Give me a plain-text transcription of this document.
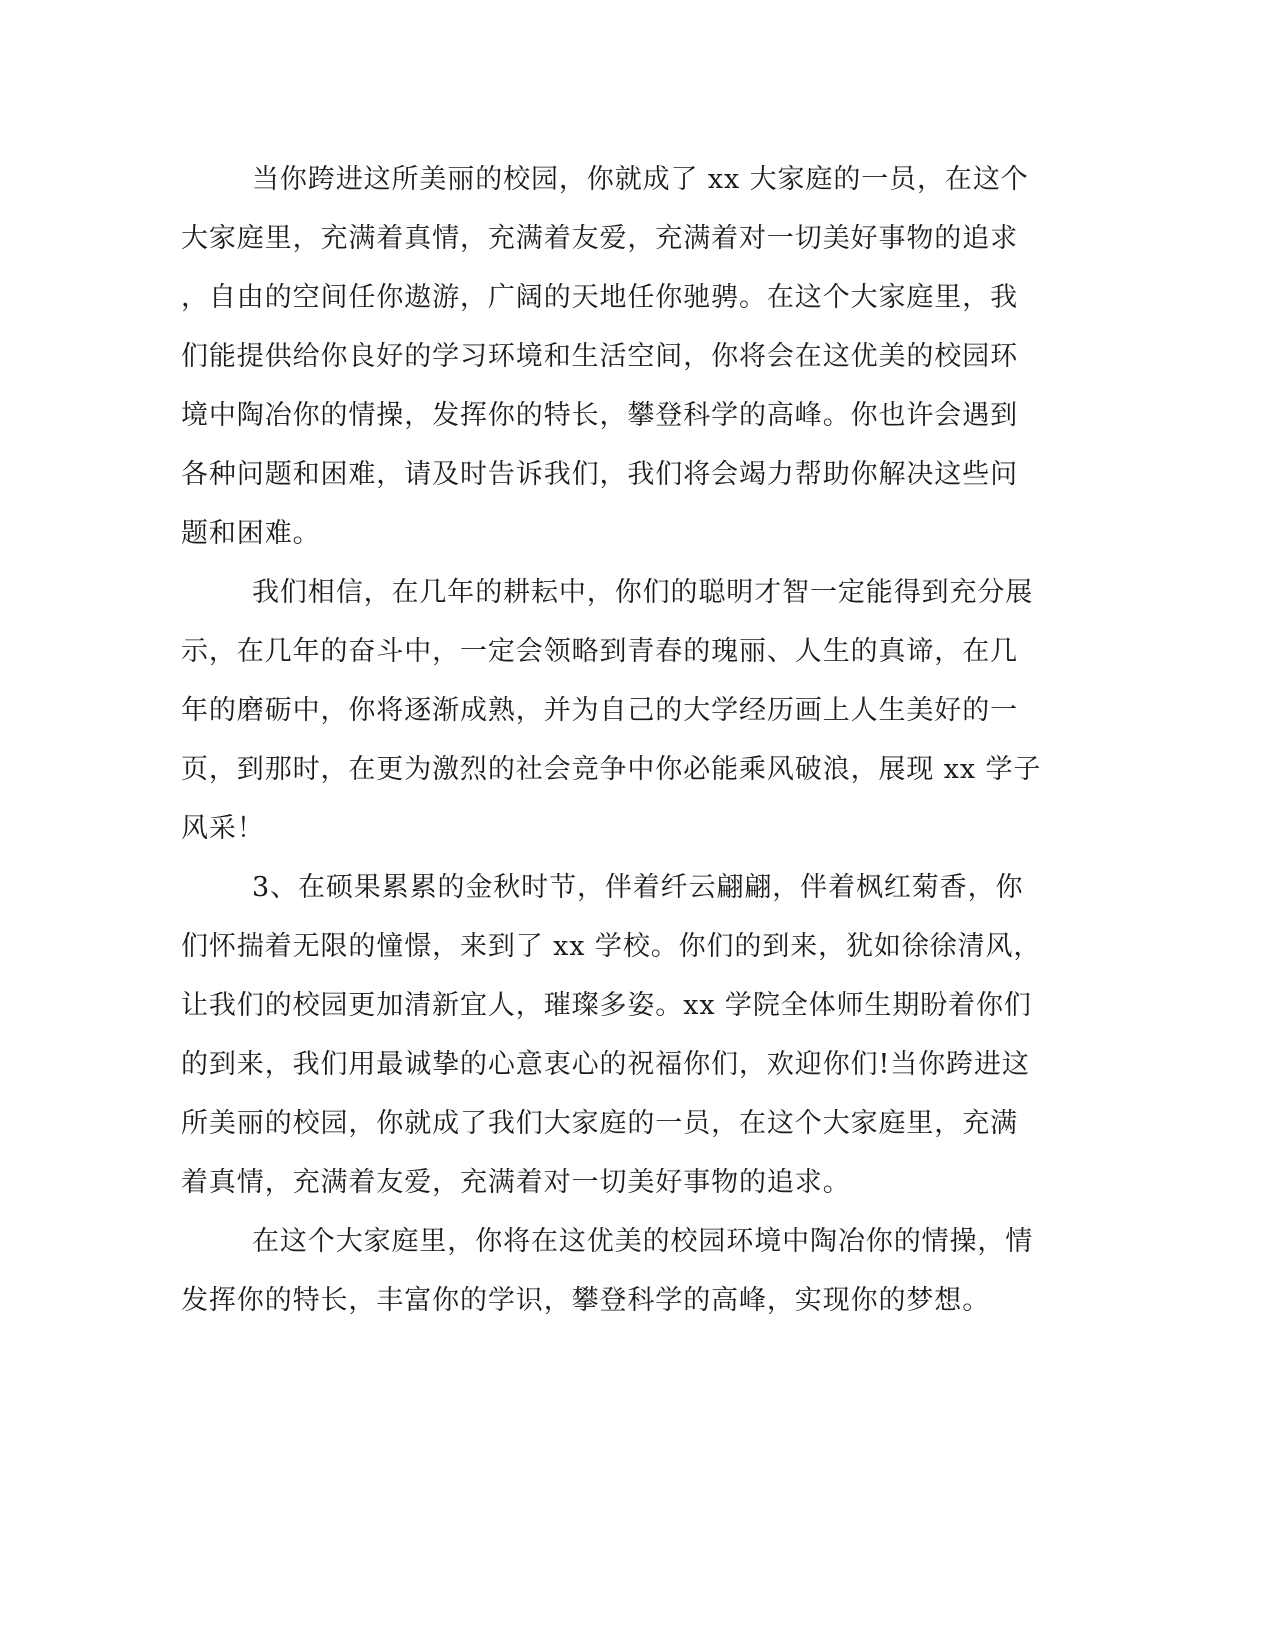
当你跨进这所美丽的校园，你就成了 xx 大家庭的一员，在这个
大家庭里，充满着真情，充满着友爱，充满着对一切美好事物的追求
，自由的空间任你遨游，广阔的天地任你驰骋。在这个大家庭里，我
们能提供给你良好的学习环境和生活空间，你将会在这优美的校园环
境中陶冶你的情操，发挥你的特长，攀登科学的高峰。你也许会遇到
各种问题和困难，请及时告诉我们，我们将会竭力帮助你解决这些问
题和困难。
我们相信，在几年的耕耘中，你们的聪明才智一定能得到充分展
示，在几年的奋斗中，一定会领略到青春的瑰丽、人生的真谛，在几
年的磨砺中，你将逐渐成熟，并为自己的大学经历画上人生美好的一
页，到那时，在更为激烈的社会竞争中你必能乘风破浪，展现 xx 学子
风采！
3、在硕果累累的金秋时节，伴着纤云翩翩，伴着枫红菊香，你
们怀揣着无限的憧憬，来到了 xx 学校。你们的到来，犹如徐徐清风，
让我们的校园更加清新宜人，璀璨多姿。xx 学院全体师生期盼着你们
的到来，我们用最诚挚的心意衷心的祝福你们，欢迎你们!当你跨进这
所美丽的校园，你就成了我们大家庭的一员，在这个大家庭里，充满
着真情，充满着友爱，充满着对一切美好事物的追求。
在这个大家庭里，你将在这优美的校园环境中陶冶你的情操，情
发挥你的特长，丰富你的学识，攀登科学的高峰，实现你的梦想。
